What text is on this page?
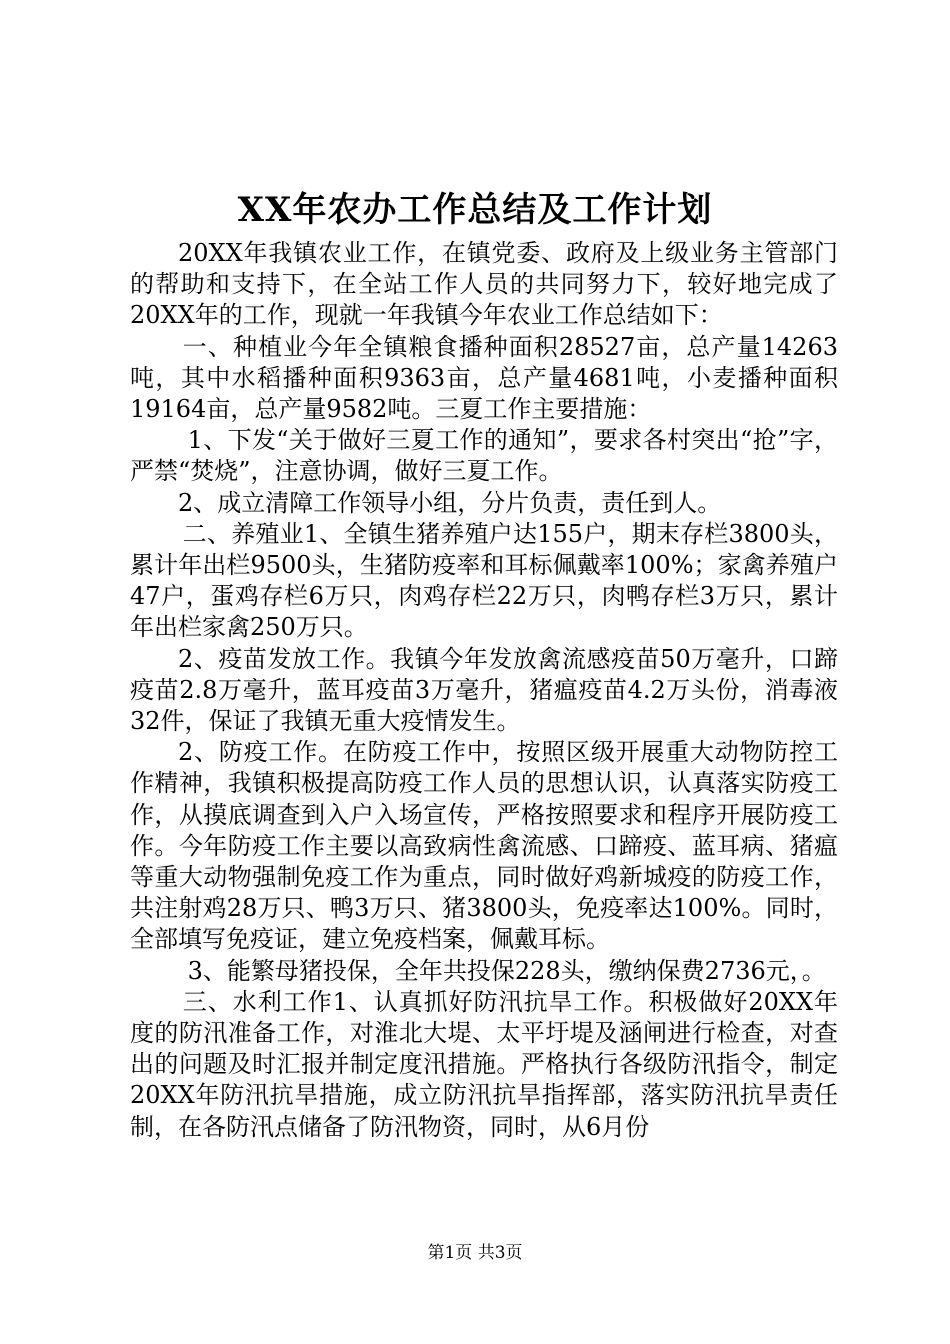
XX年农办工作总结及工作计划

20XX年我镇农业工作，在镇党委、政府及上级业务主管部门的帮助和支持下，在全站工作人员的共同努力下，较好地完成了20XX年的工作，现就一年我镇今年农业工作总结如下：

一、种植业今年全镇粮食播种面积28527亩，总产量14263吨，其中水稻播种面积9363亩，总产量4681吨，小麦播种面积19164亩，总产量9582吨。三夏工作主要措施：

1、下发“关于做好三夏工作的通知”，要求各村突出“抢”字，严禁“焚烧”，注意协调，做好三夏工作。

2、成立清障工作领导小组，分片负责，责任到人。

二、养殖业1、全镇生猪养殖户达155户，期末存栏3800头，累计年出栏9500头，生猪防疫率和耳标佩戴率100%；家禽养殖户47户，蛋鸡存栏6万只，肉鸡存栏22万只，肉鸭存栏3万只，累计年出栏家禽250万只。

2、疫苗发放工作。我镇今年发放禽流感疫苗50万毫升，口蹄疫苗2.8万毫升，蓝耳疫苗3万毫升，猪瘟疫苗4.2万头份，消毒液32件，保证了我镇无重大疫情发生。

2、防疫工作。在防疫工作中，按照区级开展重大动物防控工作精神，我镇积极提高防疫工作人员的思想认识，认真落实防疫工作，从摸底调查到入户入场宣传，严格按照要求和程序开展防疫工作。今年防疫工作主要以高致病性禽流感、口蹄疫、蓝耳病、猪瘟等重大动物强制免疫工作为重点，同时做好鸡新城疫的防疫工作，共注射鸡28万只、鸭3万只、猪3800头，免疫率达100%。同时，全部填写免疫证，建立免疫档案，佩戴耳标。

3、能繁母猪投保，全年共投保228头，缴纳保费2736元，。

三、水利工作1、认真抓好防汛抗旱工作。积极做好20XX年度的防汛准备工作，对淮北大堤、太平圩堤及涵闸进行检查，对查出的问题及时汇报并制定度汛措施。严格执行各级防汛指令，制定20XX年防汛抗旱措施，成立防汛抗旱指挥部，落实防汛抗旱责任制，在各防汛点储备了防汛物资，同时，从6月份

第1页 共3页
